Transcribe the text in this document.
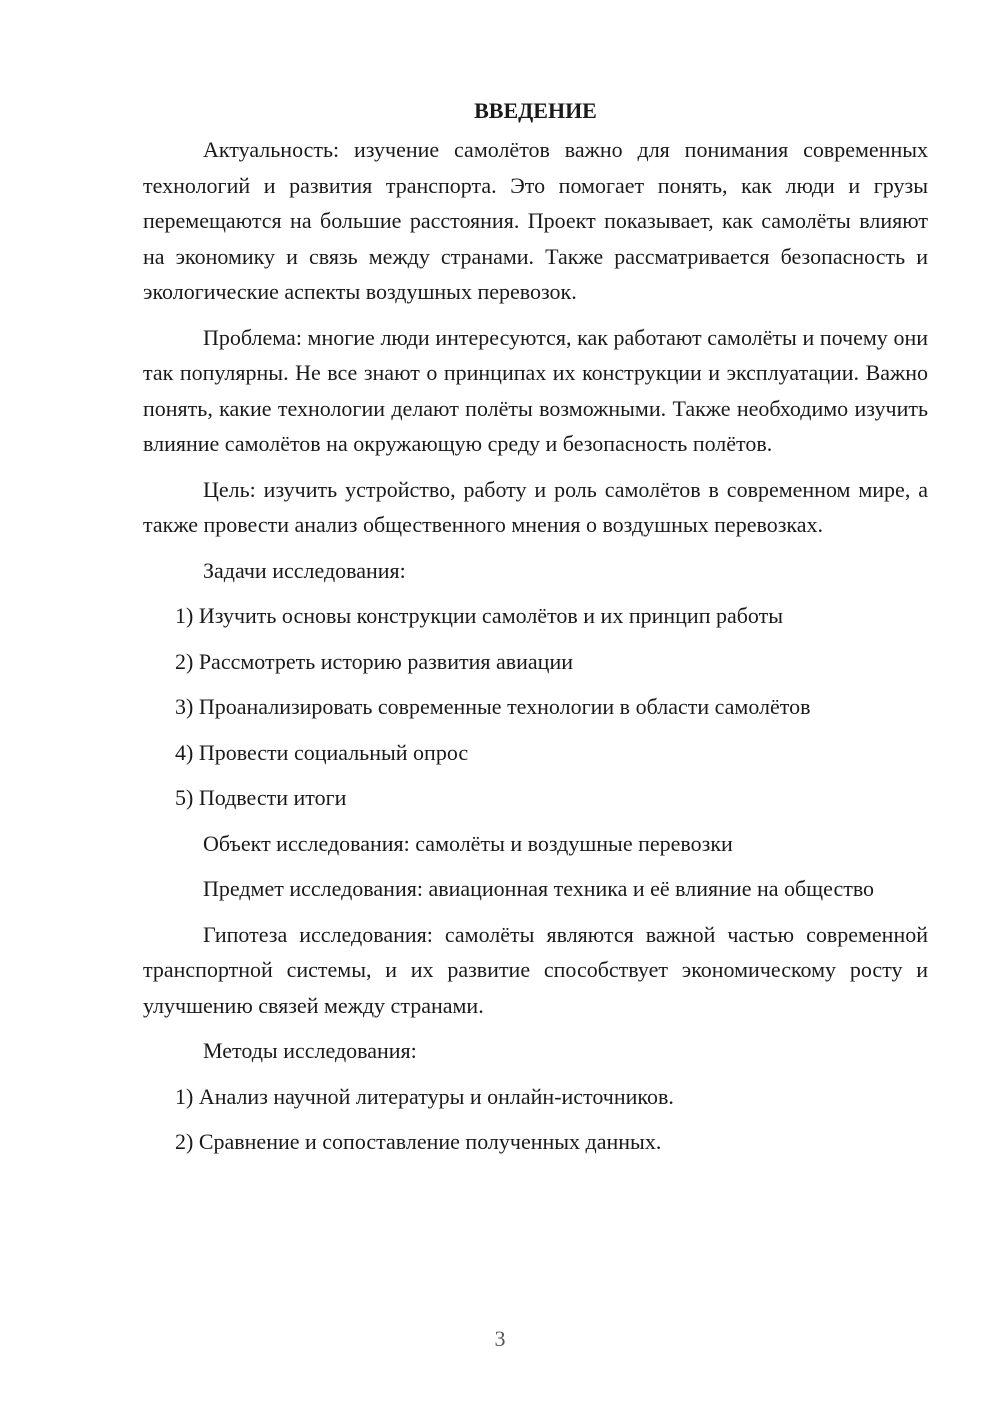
ВВЕДЕНИЕ

Актуальность: изучение самолётов важно для понимания современных технологий и развития транспорта. Это помогает понять, как люди и грузы перемещаются на большие расстояния. Проект показывает, как самолёты влияют на экономику и связь между странами. Также рассматривается безопасность и экологические аспекты воздушных перевозок.

Проблема: многие люди интересуются, как работают самолёты и почему они так популярны. Не все знают о принципах их конструкции и эксплуатации. Важно понять, какие технологии делают полёты возможными. Также необходимо изучить влияние самолётов на окружающую среду и безопасность полётов.

Цель: изучить устройство, работу и роль самолётов в современном мире, а также провести анализ общественного мнения о воздушных перевозках.

Задачи исследования:

1) Изучить основы конструкции самолётов и их принцип работы
2) Рассмотреть историю развития авиации
3) Проанализировать современные технологии в области самолётов
4) Провести социальный опрос
5) Подвести итоги

Объект исследования: самолёты и воздушные перевозки

Предмет исследования: авиационная техника и её влияние на общество

Гипотеза исследования: самолёты являются важной частью современной транспортной системы, и их развитие способствует экономическому росту и улучшению связей между странами.

Методы исследования:

1) Анализ научной литературы и онлайн-источников.
2) Сравнение и сопоставление полученных данных.
3
